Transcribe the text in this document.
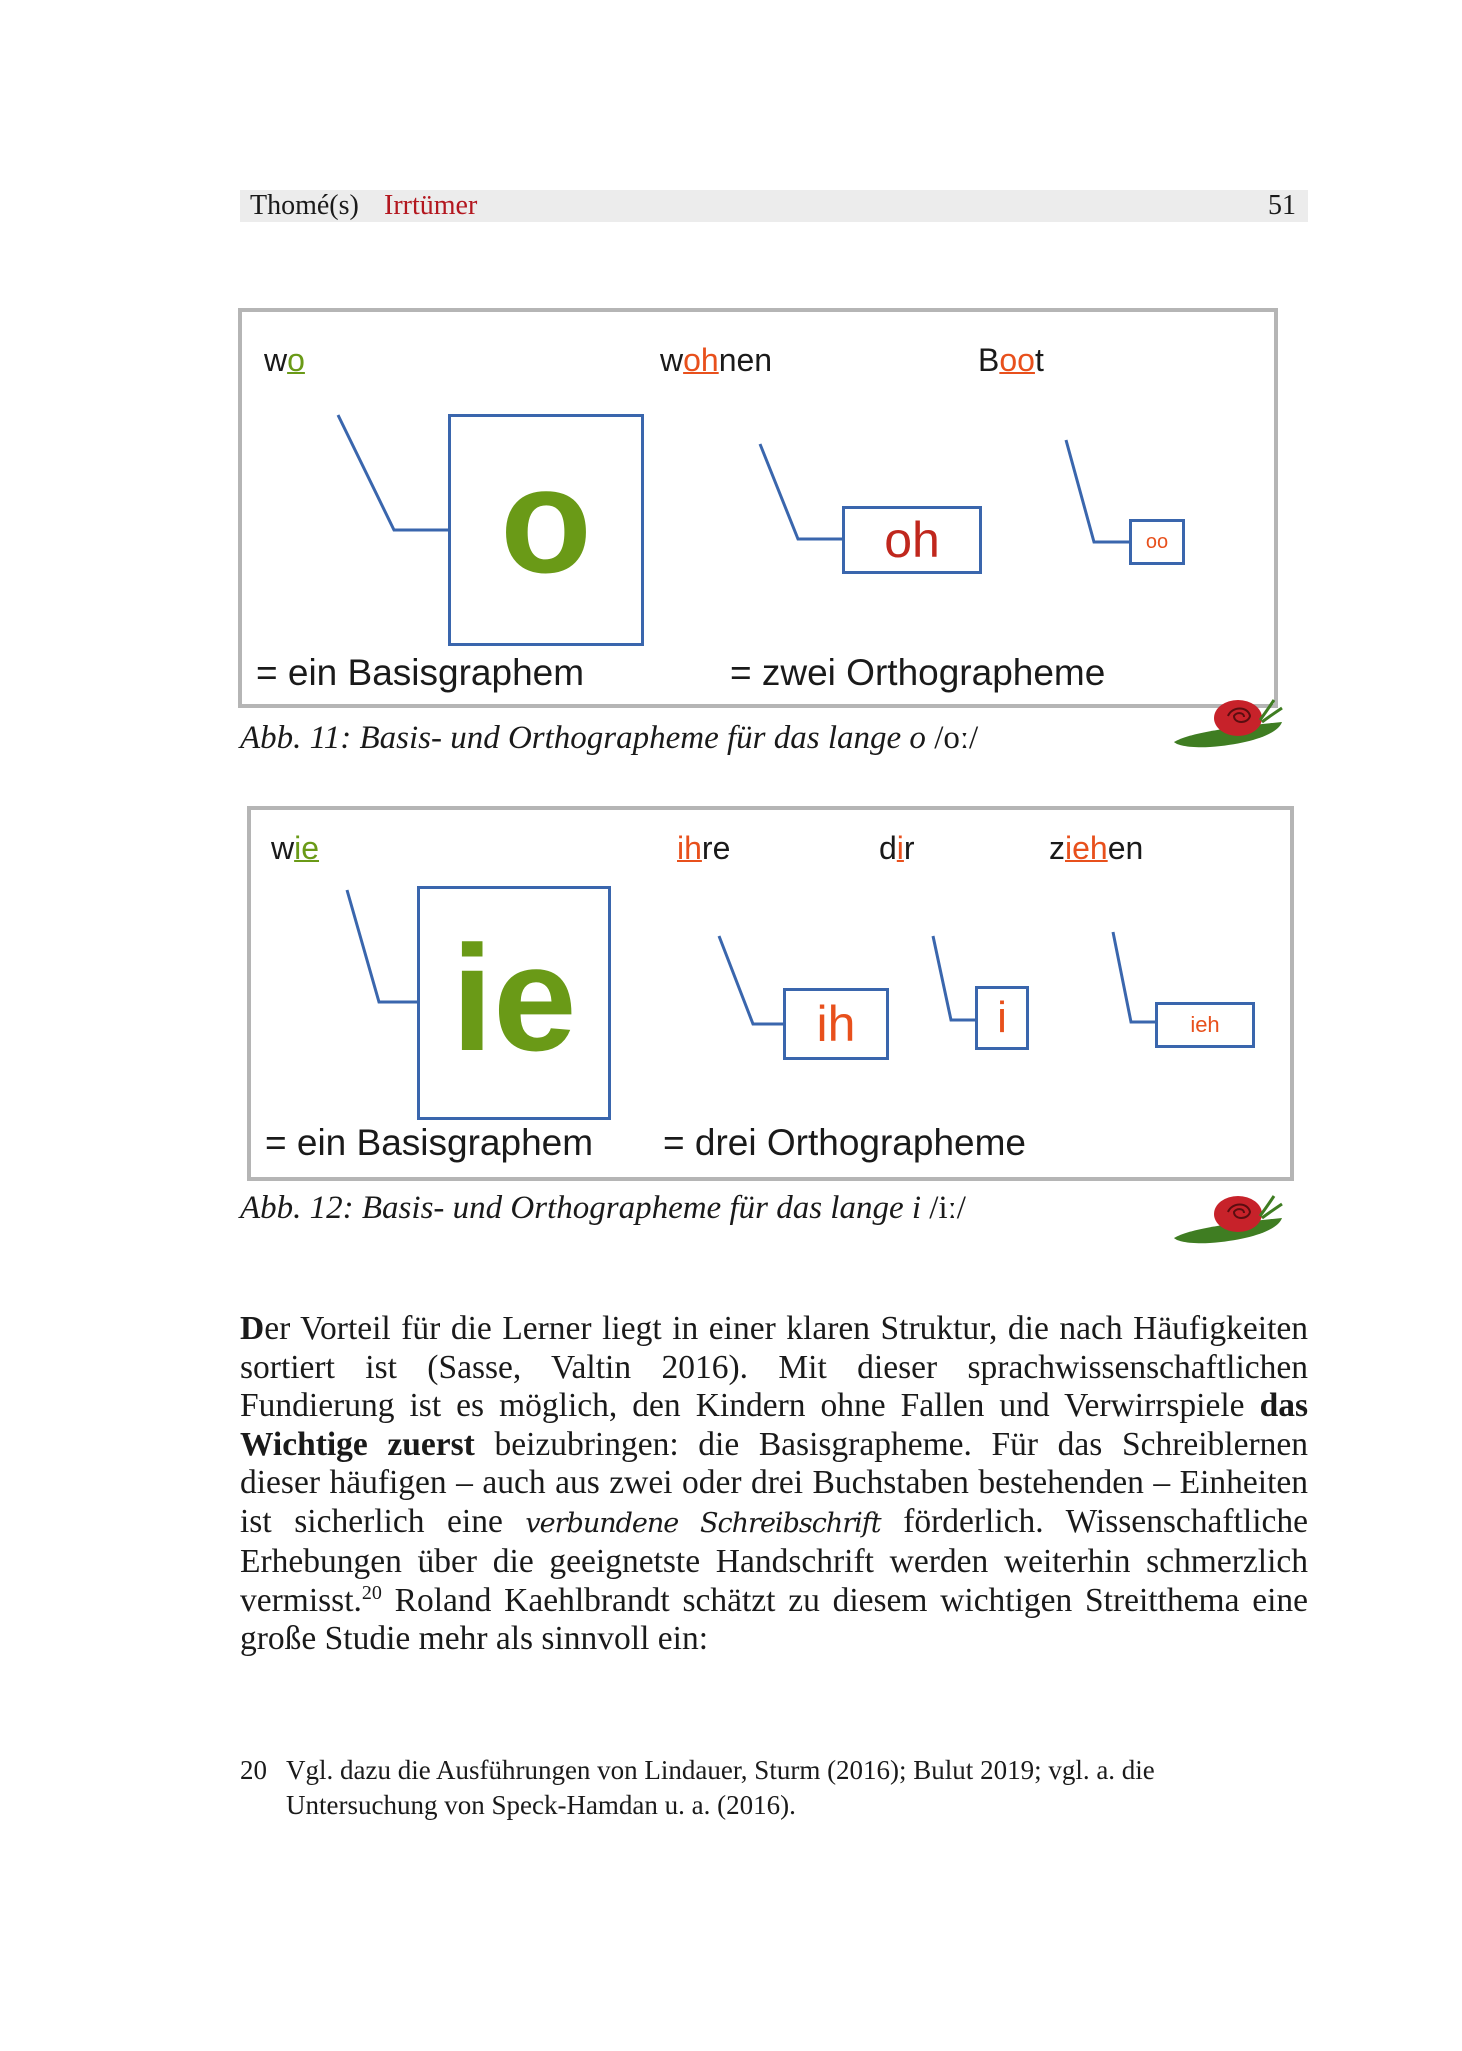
Thomé(s) Irrtümer	51
wo	wohnen	Boot
o	oh	oo
= ein Basisgraphem	= zwei Orthographeme
Abb. 11: Basis- und Orthographeme für das lange o /oː/
wie	ihre	dir	ziehen
ie	ih	i	ieh
= ein Basisgraphem = drei Orthographeme
Abb. 12: Basis- und Orthographeme für das lange i /iː/
Der Vorteil für die Lerner liegt in einer klaren Struktur, die nach Häufigkeiten sortiert ist (Sasse, Valtin 2016). Mit dieser sprachwissenschaftlichen Fundierung ist es möglich, den Kindern ohne Fallen und Verwirrspiele das Wichtige zuerst beizubringen: die Basisgrapheme. Für das Schreiblernen dieser häufigen – auch aus zwei oder drei Buchstaben bestehenden – Einheiten ist sicherlich eine verbundene Schreibschrift förderlich. Wissenschaftliche Erhebungen über die geeignetste Handschrift werden weiterhin schmerzlich vermisst.$^{20}$ Roland Kaehlbrandt schätzt zu diesem wichtigen Streitthema eine große Studie mehr als sinnvoll ein:
20 Vgl. dazu die Ausführungen von Lindauer, Sturm (2016); Bulut 2019; vgl. a. die Untersuchung von Speck-Hamdan u. a. (2016).
